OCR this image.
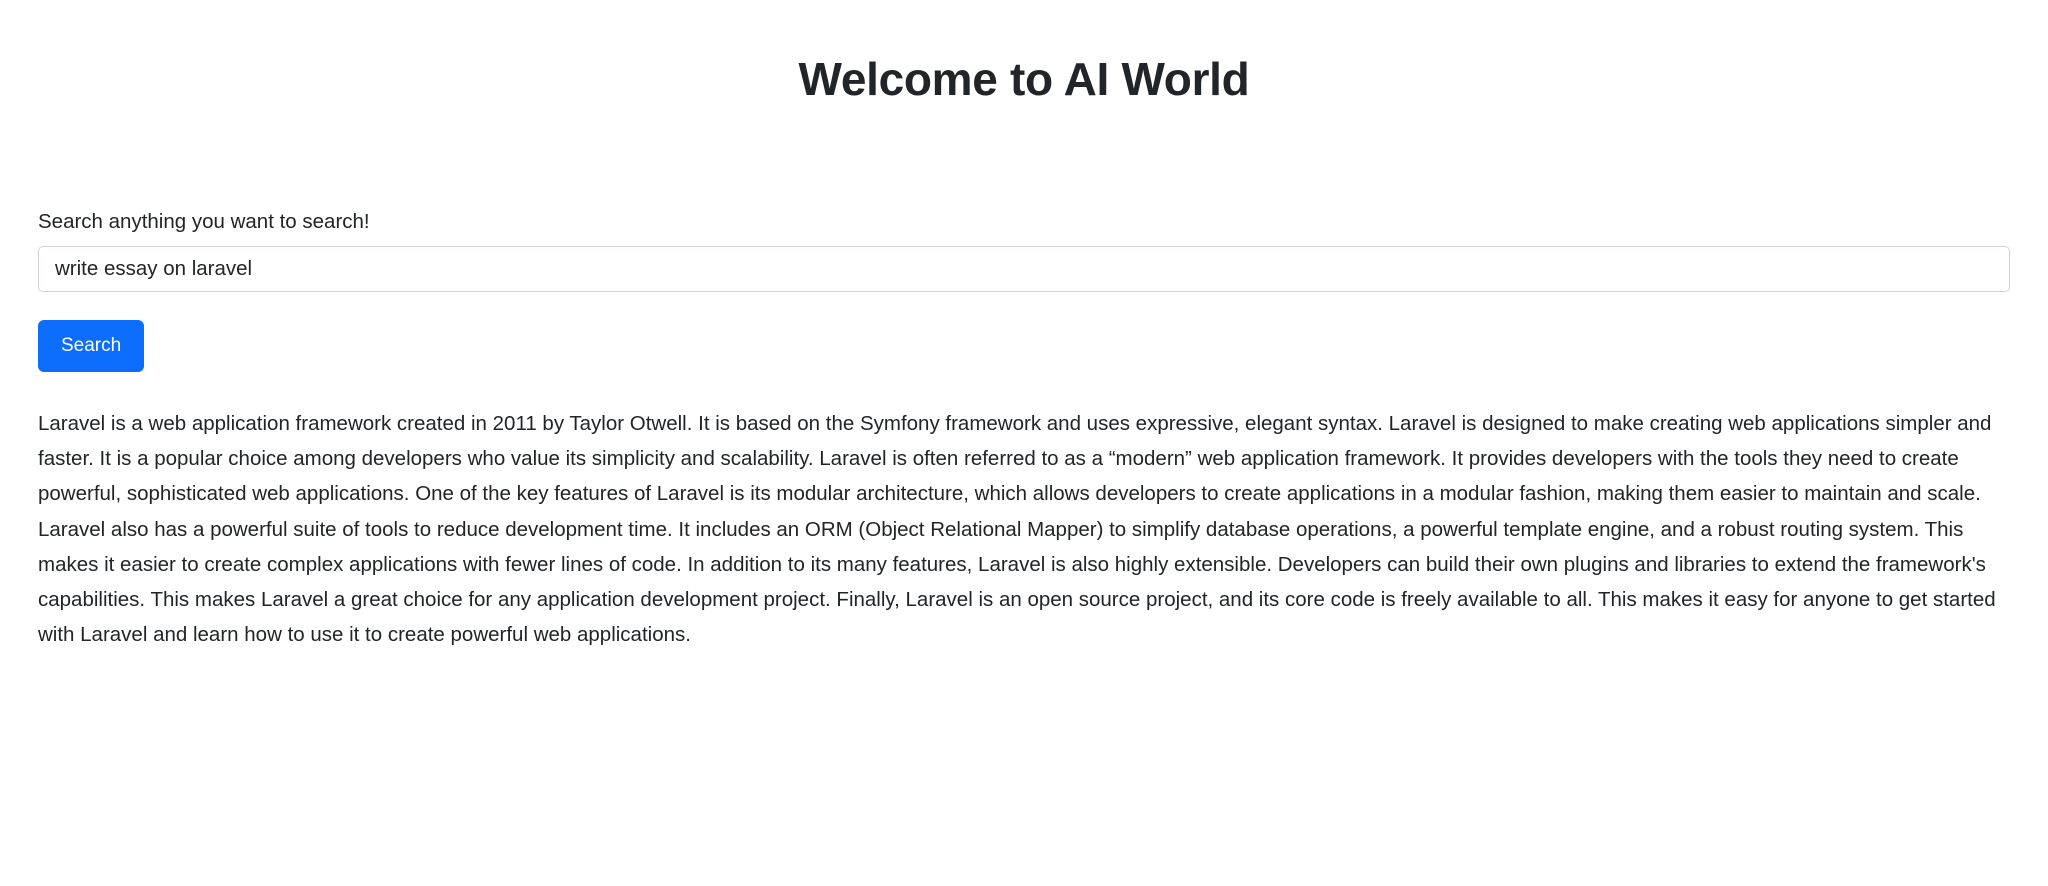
Welcome to AI World
Search anything you want to search!
write essay on laravel
Search

Laravel is a web application framework created in 2011 by Taylor Otwell. It is based on the Symfony framework and uses expressive, elegant syntax. Laravel is designed to make creating web applications simpler and faster. It is a popular choice among developers who value its simplicity and scalability. Laravel is often referred to as a “modern” web application framework. It provides developers with the tools they need to create powerful, sophisticated web applications. One of the key features of Laravel is its modular architecture, which allows developers to create applications in a modular fashion, making them easier to maintain and scale. Laravel also has a powerful suite of tools to reduce development time. It includes an ORM (Object Relational Mapper) to simplify database operations, a powerful template engine, and a robust routing system. This makes it easier to create complex applications with fewer lines of code. In addition to its many features, Laravel is also highly extensible. Developers can build their own plugins and libraries to extend the framework's capabilities. This makes Laravel a great choice for any application development project. Finally, Laravel is an open source project, and its core code is freely available to all. This makes it easy for anyone to get started with Laravel and learn how to use it to create powerful web applications.
